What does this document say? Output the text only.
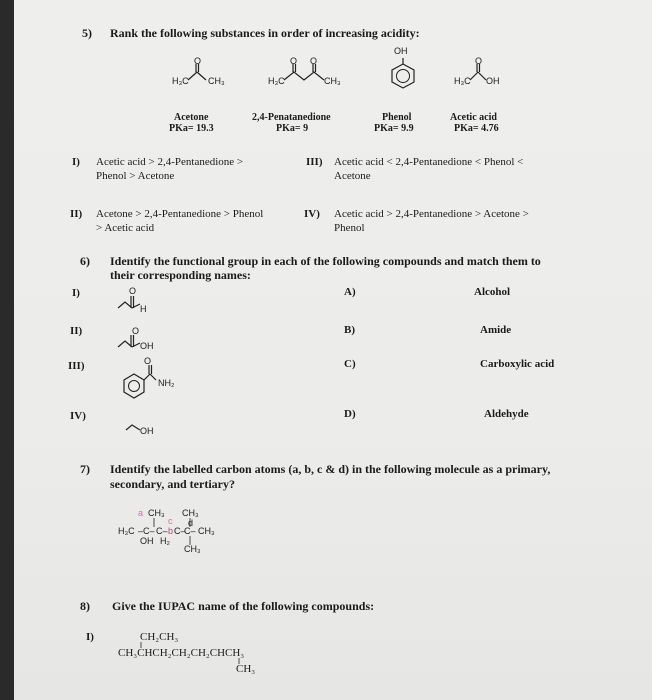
5) Rank the following substances in order of increasing acidity:
O
H₃C CH₃
O O
H₃C	CH₃
OH
O
H₃C OH
Acetone
PKa= 19.3
2,4-Penatanedione
PKa= 9
Phenol
PKa= 9.9
Acetic acid
PKa= 4.76
I) Acetic acid > 2,4-Pentanedione >
Phenol > Acetone
III) Acetic acid < 2,4-Pentanedione < Phenol <
Acetone
II) Acetone > 2,4-Pentanedione > Phenol
> Acetic acid
IV) Acetic acid > 2,4-Pentanedione > Acetone >
Phenol
6) Identify the functional group in each of the following compounds and match them to
their corresponding names:
I)	O
H
A)	Alcohol
II)	O
OH
B)	Amide
III)	O
NH₂
C)	Carboxylic acid
IV)
OH
D)	Aldehyde
7) Identify the labelled carbon atoms (a, b, c & d) in the following molecule as a primary,
secondary, and tertiary?
a CH₃
c
CH₃
d
H₃C –C– C– b C–
C– CH₃
OH H₂
CH₃
8) Give the IUPAC name of the following compounds:
I)	CH₂CH₃
CH₃CHCH₂CH₂CH₂CHCH₃
CH₃
